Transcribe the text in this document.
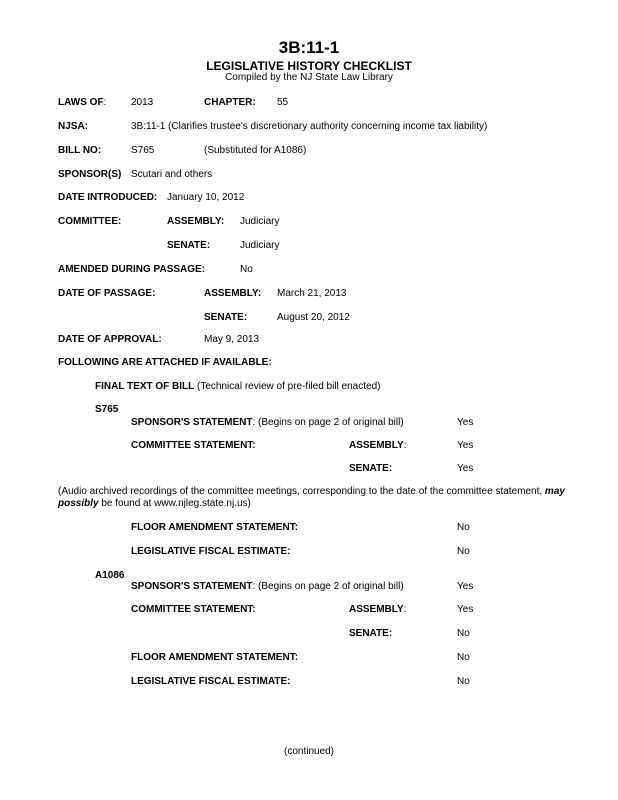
3B:11-1
LEGISLATIVE HISTORY CHECKLIST
Compiled by the NJ State Law Library
LAWS OF: 2013	CHAPTER: 55
NJSA:	3B:11-1 (Clarifies trustee's discretionary authority concerning income tax liability)
BILL NO:	S765	(Substituted for A1086)
SPONSOR(S) Scutari and others
DATE INTRODUCED: January 10, 2012
COMMITTEE:	ASSEMBLY: Judiciary
SENATE:	Judiciary
AMENDED DURING PASSAGE:	No
DATE OF PASSAGE:	ASSEMBLY: March 21, 2013
SENATE:	August 20, 2012
DATE OF APPROVAL:	May 9, 2013
FOLLOWING ARE ATTACHED IF AVAILABLE:
FINAL TEXT OF BILL (Technical review of pre-filed bill enacted)
S765
SPONSOR'S STATEMENT: (Begins on page 2 of original bill)	Yes
COMMITTEE STATEMENT:	ASSEMBLY:	Yes
SENATE:	Yes
(Audio archived recordings of the committee meetings, corresponding to the date of the committee statement, may possibly be found at www.njleg.state.nj.us)
FLOOR AMENDMENT STATEMENT:	No
LEGISLATIVE FISCAL ESTIMATE:	No
A1086
SPONSOR'S STATEMENT: (Begins on page 2 of original bill)	Yes
COMMITTEE STATEMENT:	ASSEMBLY:	Yes
SENATE:	No
FLOOR AMENDMENT STATEMENT:	No
LEGISLATIVE FISCAL ESTIMATE:	No
(continued)
